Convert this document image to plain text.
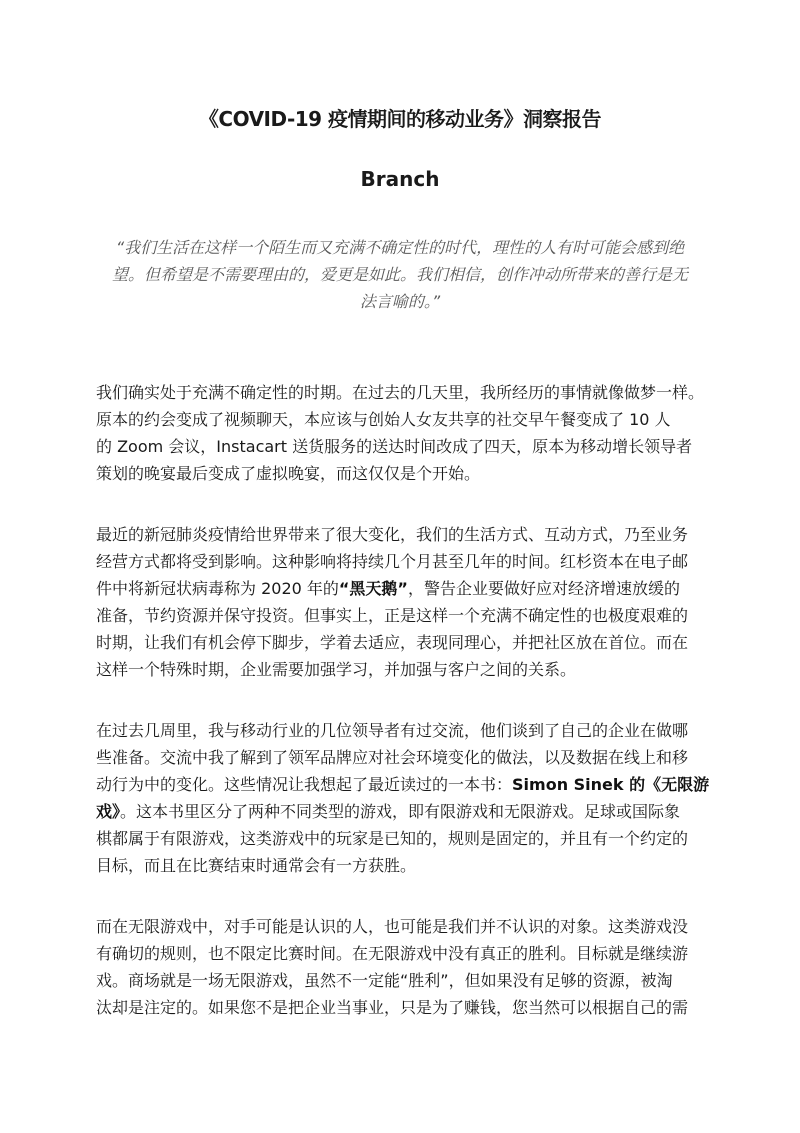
《COVID-19 疫情期间的移动业务》洞察报告
Branch
“我们生活在这样一个陌生而又充满不确定性的时代，理性的人有时可能会感到绝
望。但希望是不需要理由的，爱更是如此。我们相信，创作冲动所带来的善行是无
法言喻的。”
我们确实处于充满不确定性的时期。在过去的几天里，我所经历的事情就像做梦一样。
原本的约会变成了视频聊天，本应该与创始人女友共享的社交早午餐变成了 10 人
的 Zoom 会议，Instacart 送货服务的送达时间改成了四天，原本为移动增长领导者
策划的晚宴最后变成了虚拟晚宴，而这仅仅是个开始。
最近的新冠肺炎疫情给世界带来了很大变化，我们的生活方式、互动方式，乃至业务
经营方式都将受到影响。这种影响将持续几个月甚至几年的时间。红杉资本在电子邮
件中将新冠状病毒称为 2020 年的“黑天鹅”，警告企业要做好应对经济增速放缓的
准备，节约资源并保守投资。但事实上，正是这样一个充满不确定性的也极度艰难的
时期，让我们有机会停下脚步，学着去适应，表现同理心，并把社区放在首位。而在
这样一个特殊时期，企业需要加强学习，并加强与客户之间的关系。
在过去几周里，我与移动行业的几位领导者有过交流，他们谈到了自己的企业在做哪
些准备。交流中我了解到了领军品牌应对社会环境变化的做法，以及数据在线上和移
动行为中的变化。这些情况让我想起了最近读过的一本书：Simon Sinek 的《无限游
戏》。这本书里区分了两种不同类型的游戏，即有限游戏和无限游戏。足球或国际象
棋都属于有限游戏，这类游戏中的玩家是已知的，规则是固定的，并且有一个约定的
目标，而且在比赛结束时通常会有一方获胜。
而在无限游戏中，对手可能是认识的人，也可能是我们并不认识的对象。这类游戏没
有确切的规则，也不限定比赛时间。在无限游戏中没有真正的胜利。目标就是继续游
戏。商场就是一场无限游戏，虽然不一定能“胜利”，但如果没有足够的资源，被淘
汰却是注定的。如果您不是把企业当事业，只是为了赚钱，您当然可以根据自己的需
